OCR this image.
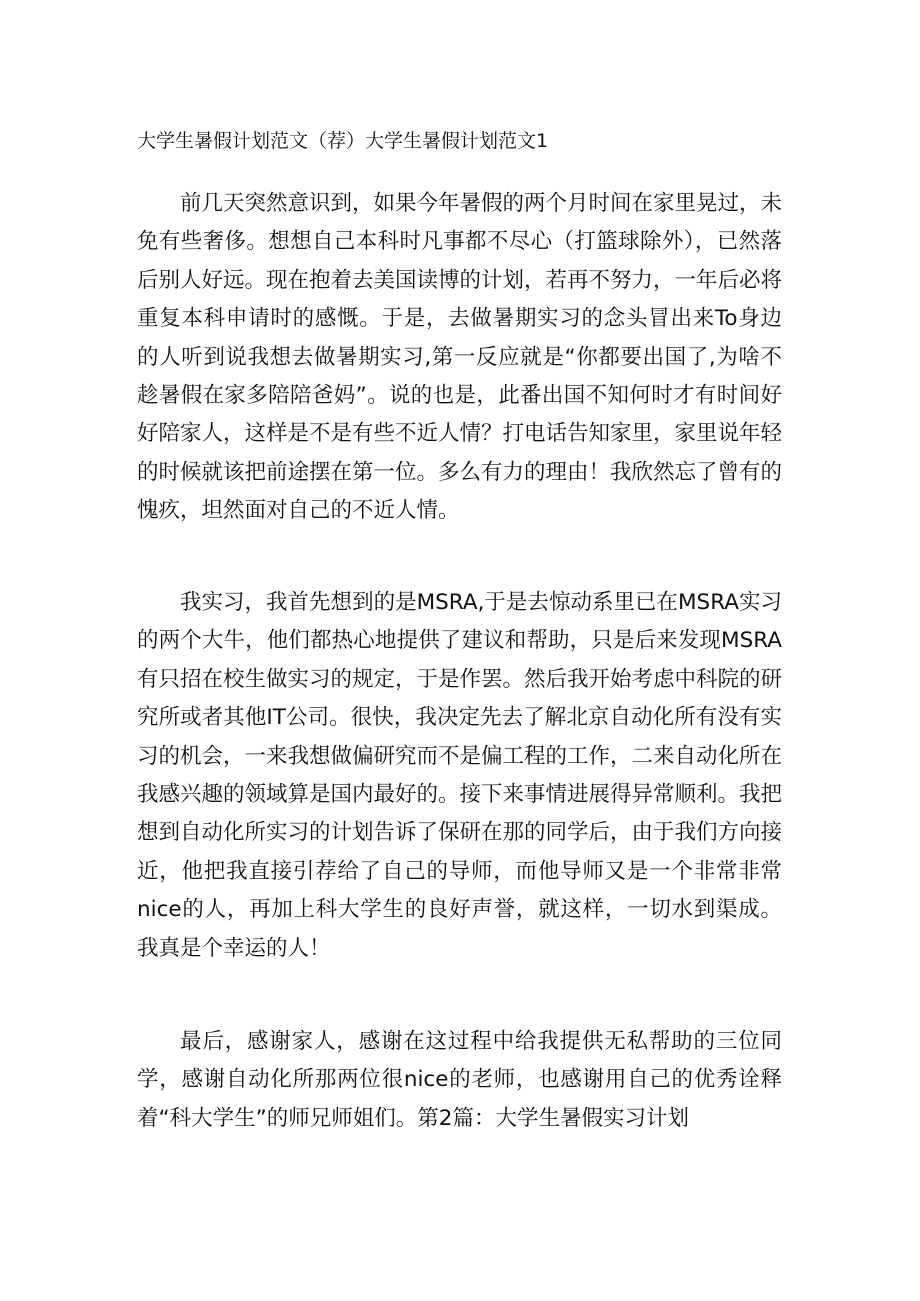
大学生暑假计划范文（荐）大学生暑假计划范文1

前几天突然意识到，如果今年暑假的两个月时间在家里晃过，未免有些奢侈。想想自己本科时凡事都不尽心（打篮球除外），已然落后别人好远。现在抱着去美国读博的计划，若再不努力，一年后必将重复本科申请时的感慨。于是，去做暑期实习的念头冒出来To身边的人听到说我想去做暑期实习,第一反应就是“你都要出国了,为啥不趁暑假在家多陪陪爸妈”。说的也是，此番出国不知何时才有时间好好陪家人，这样是不是有些不近人情？打电话告知家里，家里说年轻的时候就该把前途摆在第一位。多么有力的理由！我欣然忘了曾有的愧疚，坦然面对自己的不近人情。

我实习，我首先想到的是MSRA,于是去惊动系里已在MSRA实习的两个大牛，他们都热心地提供了建议和帮助，只是后来发现MSRA有只招在校生做实习的规定，于是作罢。然后我开始考虑中科院的研究所或者其他IT公司。很快，我决定先去了解北京自动化所有没有实习的机会，一来我想做偏研究而不是偏工程的工作，二来自动化所在我感兴趣的领域算是国内最好的。接下来事情进展得异常顺利。我把想到自动化所实习的计划告诉了保研在那的同学后，由于我们方向接近，他把我直接引荐给了自己的导师，而他导师又是一个非常非常nice的人，再加上科大学生的良好声誉，就这样，一切水到渠成。我真是个幸运的人！

最后，感谢家人，感谢在这过程中给我提供无私帮助的三位同学，感谢自动化所那两位很nice的老师，也感谢用自己的优秀诠释着“科大学生”的师兄师姐们。第2篇：大学生暑假实习计划
